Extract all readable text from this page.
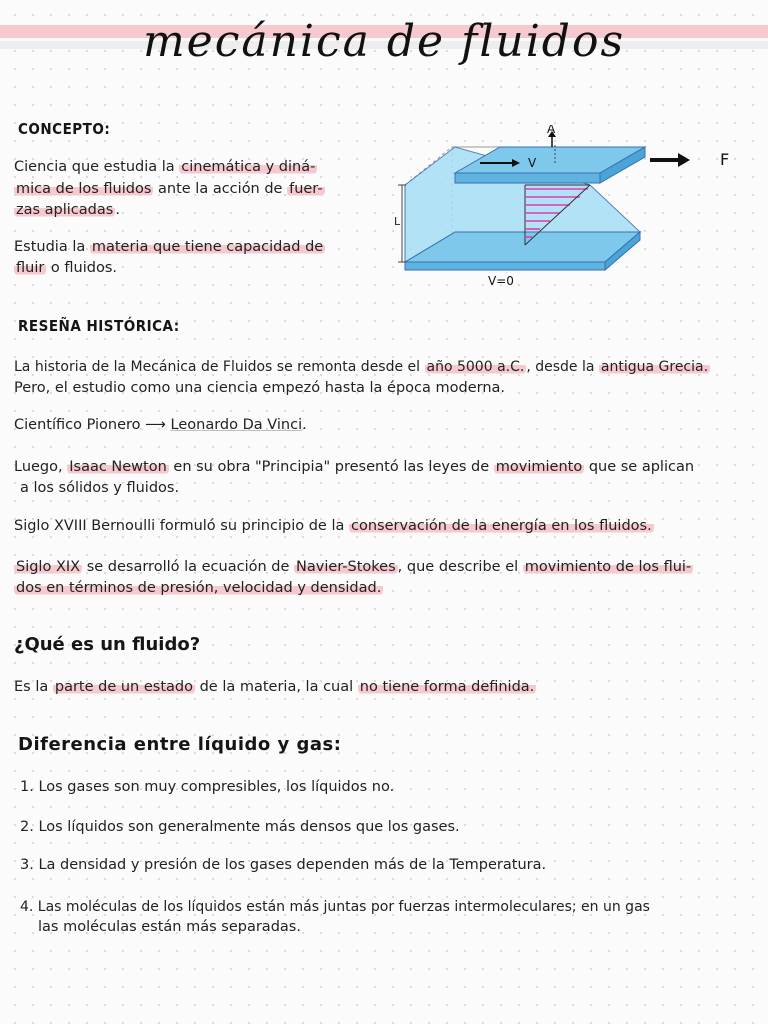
mecánica de fluidos
CONCEPTO:
Ciencia que estudia la cinemática y diná-
mica de los fluidos ante la acción de fuer-
zas aplicadas .
Estudia la materia que tiene capacidad de
fluir o fluidos.
A
V
L
V=0
F
RESEÑA HISTÓRICA:
La historia de la Mecánica de Fluidos se remonta desde el año 5000 a.C. , desde la antigua Grecia.
Pero, el estudio como una ciencia empezó hasta la época moderna.
Científico Pionero ⟶ Leonardo Da Vinci.
Luego, Isaac Newton en su obra "Principia" presentó las leyes de movimiento que se aplican
a los sólidos y fluidos.
Siglo XVIII Bernoulli formuló su principio de la conservación de la energía en los fluidos.
Siglo XIX se desarrolló la ecuación de Navier-Stokes , que describe el movimiento de los flui-
dos en términos de presión, velocidad y densidad.
¿Qué es un fluido?
Es la parte de un estado de la materia, la cual no tiene forma definida.
Diferencia entre líquido y gas:
1. Los gases son muy compresibles, los líquidos no.
2. Los líquidos son generalmente más densos que los gases.
3. La densidad y presión de los gases dependen más de la Temperatura.
4. Las moléculas de los líquidos están más juntas por fuerzas intermoleculares; en un gas
las moléculas están más separadas.
